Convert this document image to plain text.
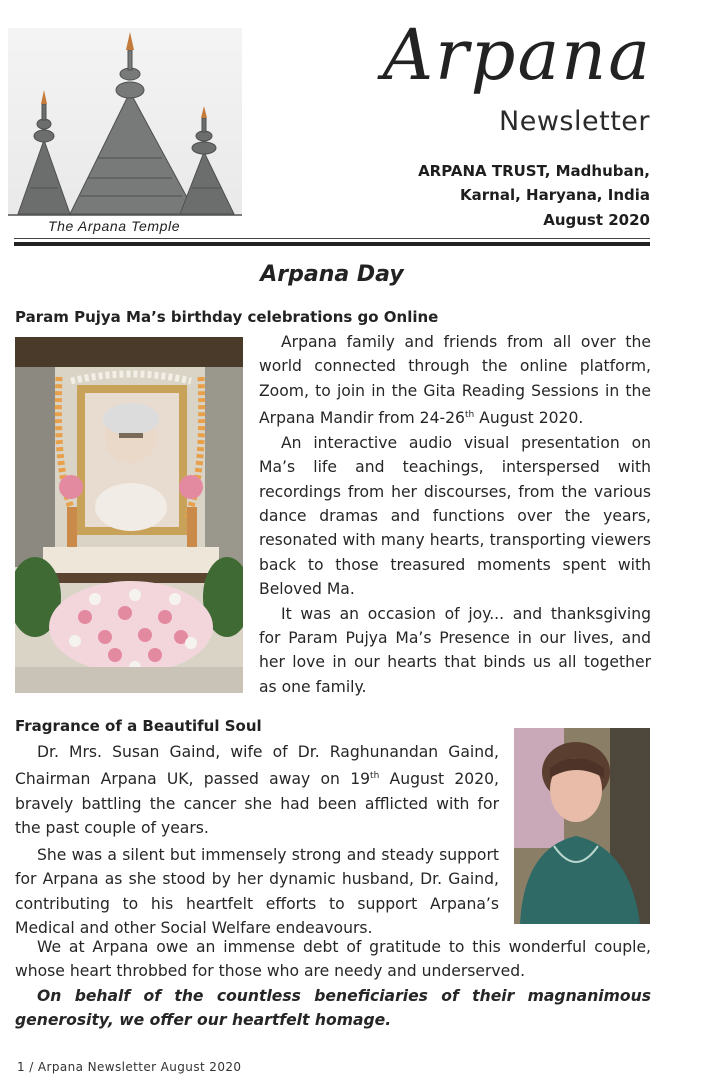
The Arpana Temple
Arpana
Newsletter
ARPANA TRUST, Madhuban,
Karnal, Haryana, India
August 2020
Arpana Day
Param Pujya Ma’s birthday celebrations go Online

Arpana family and friends from all over the world connected through the online platform, Zoom, to join in the Gita Reading Sessions in the Arpana Mandir from 24-26th August 2020.

An interactive audio visual presentation on Ma’s life and teachings, interspersed with recordings from her discourses, from the various dance dramas and functions over the years, resonated with many hearts, transporting viewers back to those treasured moments spent with Beloved Ma.

It was an occasion of joy... and thanksgiving for Param Pujya Ma’s Presence in our lives, and her love in our hearts that binds us all together as one family.

Fragrance of a Beautiful Soul

Dr. Mrs. Susan Gaind, wife of Dr. Raghunandan Gaind, Chairman Arpana UK, passed away on 19th August 2020, bravely battling the cancer she had been afflicted with for the past couple of years.

She was a silent but immensely strong and steady support for Arpana as she stood by her dynamic husband, Dr. Gaind, contributing to his heartfelt efforts to support Arpana’s Medical and other Social Welfare endeavours.

We at Arpana owe an immense debt of gratitude to this wonderful couple, whose heart throbbed for those who are needy and underserved.

On behalf of the countless beneficiaries of their magnanimous generosity, we offer our heartfelt homage.

1 / Arpana Newsletter August 2020
